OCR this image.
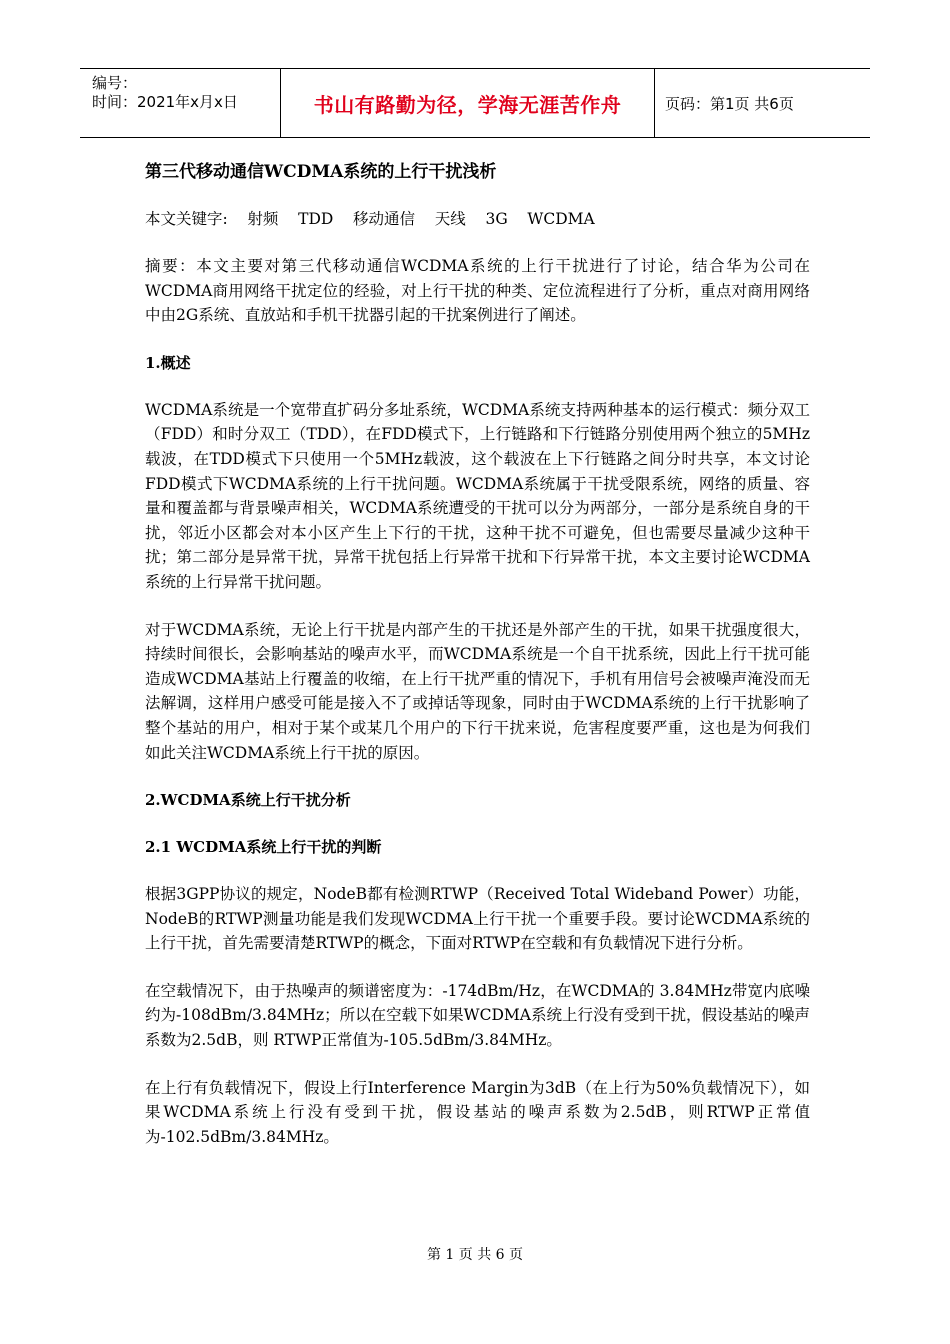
编号：
时间：2021年x月x日	书山有路勤为径，学海无涯苦作舟	页码：第1页 共6页
第三代移动通信WCDMA系统的上行干扰浅析
本文关键字:    射频    TDD    移动通信    天线    3G    WCDMA

摘要：本文主要对第三代移动通信WCDMA系统的上行干扰进行了讨论，结合华为公司在WCDMA商用网络干扰定位的经验，对上行干扰的种类、定位流程进行了分析，重点对商用网络中由2G系统、直放站和手机干扰器引起的干扰案例进行了阐述。

1.概述

WCDMA系统是一个宽带直扩码分多址系统，WCDMA系统支持两种基本的运行模式：频分双工（FDD）和时分双工（TDD），在FDD模式下，上行链路和下行链路分别使用两个独立的5MHz载波，在TDD模式下只使用一个5MHz载波，这个载波在上下行链路之间分时共享，本文讨论FDD模式下WCDMA系统的上行干扰问题。WCDMA系统属于干扰受限系统，网络的质量、容量和覆盖都与背景噪声相关，WCDMA系统遭受的干扰可以分为两部分，一部分是系统自身的干扰，邻近小区都会对本小区产生上下行的干扰，这种干扰不可避免，但也需要尽量减少这种干扰；第二部分是异常干扰，异常干扰包括上行异常干扰和下行异常干扰，本文主要讨论WCDMA系统的上行异常干扰问题。

对于WCDMA系统，无论上行干扰是内部产生的干扰还是外部产生的干扰，如果干扰强度很大，持续时间很长，会影响基站的噪声水平，而WCDMA系统是一个自干扰系统，因此上行干扰可能造成WCDMA基站上行覆盖的收缩，在上行干扰严重的情况下，手机有用信号会被噪声淹没而无法解调，这样用户感受可能是接入不了或掉话等现象，同时由于WCDMA系统的上行干扰影响了整个基站的用户，相对于某个或某几个用户的下行干扰来说，危害程度要严重，这也是为何我们如此关注WCDMA系统上行干扰的原因。

2.WCDMA系统上行干扰分析
2.1 WCDMA系统上行干扰的判断

根据3GPP协议的规定，NodeB都有检测RTWP（Received Total Wideband Power）功能，NodeB的RTWP测量功能是我们发现WCDMA上行干扰一个重要手段。要讨论WCDMA系统的上行干扰，首先需要清楚RTWP的概念，下面对RTWP在空载和有负载情况下进行分析。

在空载情况下，由于热噪声的频谱密度为：-174dBm/Hz，在WCDMA的 3.84MHz带宽内底噪约为-108dBm/3.84MHz；所以在空载下如果WCDMA系统上行没有受到干扰，假设基站的噪声系数为2.5dB，则 RTWP正常值为-105.5dBm/3.84MHz。

在上行有负载情况下，假设上行Interference Margin为3dB（在上行为50%负载情况下），如果WCDMA系统上行没有受到干扰，假设基站的噪声系数为2.5dB，则RTWP正常值为-102.5dBm/3.84MHz。

第 1 页 共 6 页
